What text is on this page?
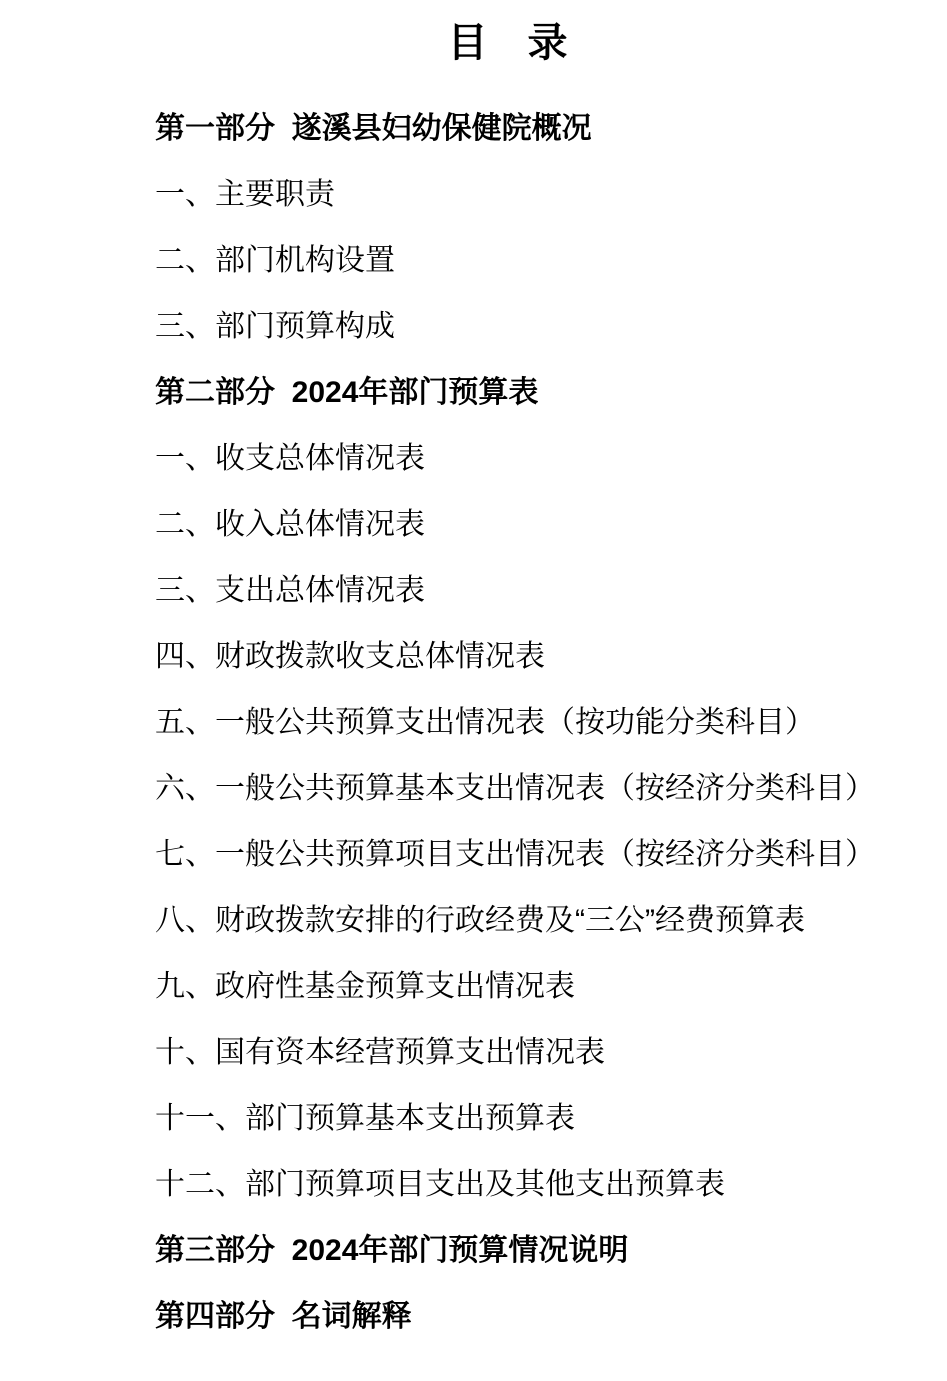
目　录
第一部分  遂溪县妇幼保健院概况
一、主要职责
二、部门机构设置
三、部门预算构成
第二部分  2024年部门预算表
一、收支总体情况表
二、收入总体情况表
三、支出总体情况表
四、财政拨款收支总体情况表
五、一般公共预算支出情况表（按功能分类科目）
六、一般公共预算基本支出情况表（按经济分类科目）
七、一般公共预算项目支出情况表（按经济分类科目）
八、财政拨款安排的行政经费及“三公”经费预算表
九、政府性基金预算支出情况表
十、国有资本经营预算支出情况表
十一、部门预算基本支出预算表
十二、部门预算项目支出及其他支出预算表
第三部分  2024年部门预算情况说明
第四部分  名词解释
